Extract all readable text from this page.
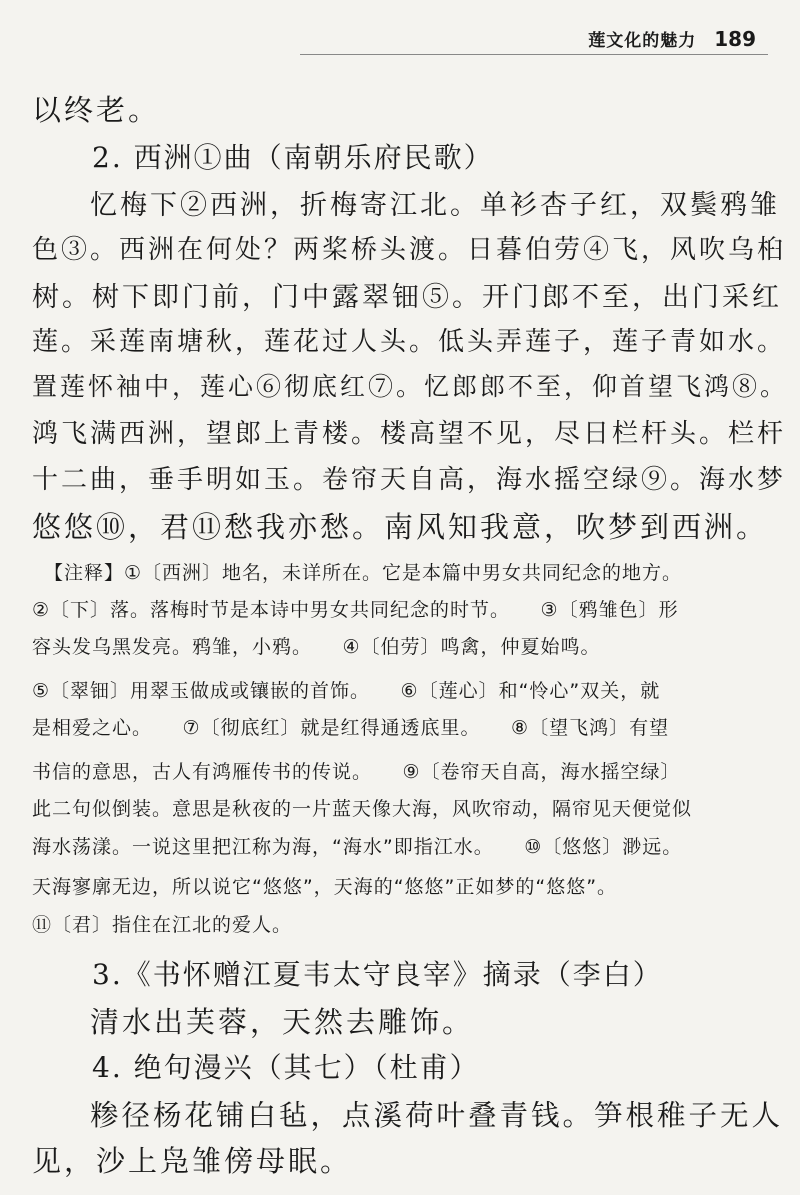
莲文化的魅力 189
以终老。
2. 西洲①曲（南朝乐府民歌）
忆梅下②西洲，折梅寄江北。单衫杏子红，双鬓鸦雏
色③。西洲在何处？两桨桥头渡。日暮伯劳④飞，风吹乌桕
树。树下即门前，门中露翠钿⑤。开门郎不至，出门采红
莲。采莲南塘秋，莲花过人头。低头弄莲子，莲子青如水。
置莲怀袖中，莲心⑥彻底红⑦。忆郎郎不至，仰首望飞鸿⑧。
鸿飞满西洲，望郎上青楼。楼高望不见，尽日栏杆头。栏杆
十二曲，垂手明如玉。卷帘天自高，海水摇空绿⑨。海水梦
悠悠⑩，君⑪愁我亦愁。南风知我意，吹梦到西洲。
【注释】①〔西洲〕地名，未详所在。它是本篇中男女共同纪念的地方。
②〔下〕落。落梅时节是本诗中男女共同纪念的时节。　　③〔鸦雏色〕形
容头发乌黑发亮。鸦雏，小鸦。　　④〔伯劳〕鸣禽，仲夏始鸣。
⑤〔翠钿〕用翠玉做成或镶嵌的首饰。　　⑥〔莲心〕和“怜心”双关，就
是相爱之心。　　⑦〔彻底红〕就是红得通透底里。　　⑧〔望飞鸿〕有望
书信的意思，古人有鸿雁传书的传说。　　⑨〔卷帘天自高，海水摇空绿〕
此二句似倒装。意思是秋夜的一片蓝天像大海，风吹帘动，隔帘见天便觉似
海水荡漾。一说这里把江称为海，“海水”即指江水。　　⑩〔悠悠〕渺远。
天海寥廓无边，所以说它“悠悠”，天海的“悠悠”正如梦的“悠悠”。
⑪〔君〕指住在江北的爱人。
3.《书怀赠江夏韦太守良宰》摘录（李白）
清水出芙蓉，天然去雕饰。
4. 绝句漫兴（其七）（杜甫）
糁径杨花铺白毡，点溪荷叶叠青钱。笋根稚子无人
见，沙上凫雏傍母眠。
